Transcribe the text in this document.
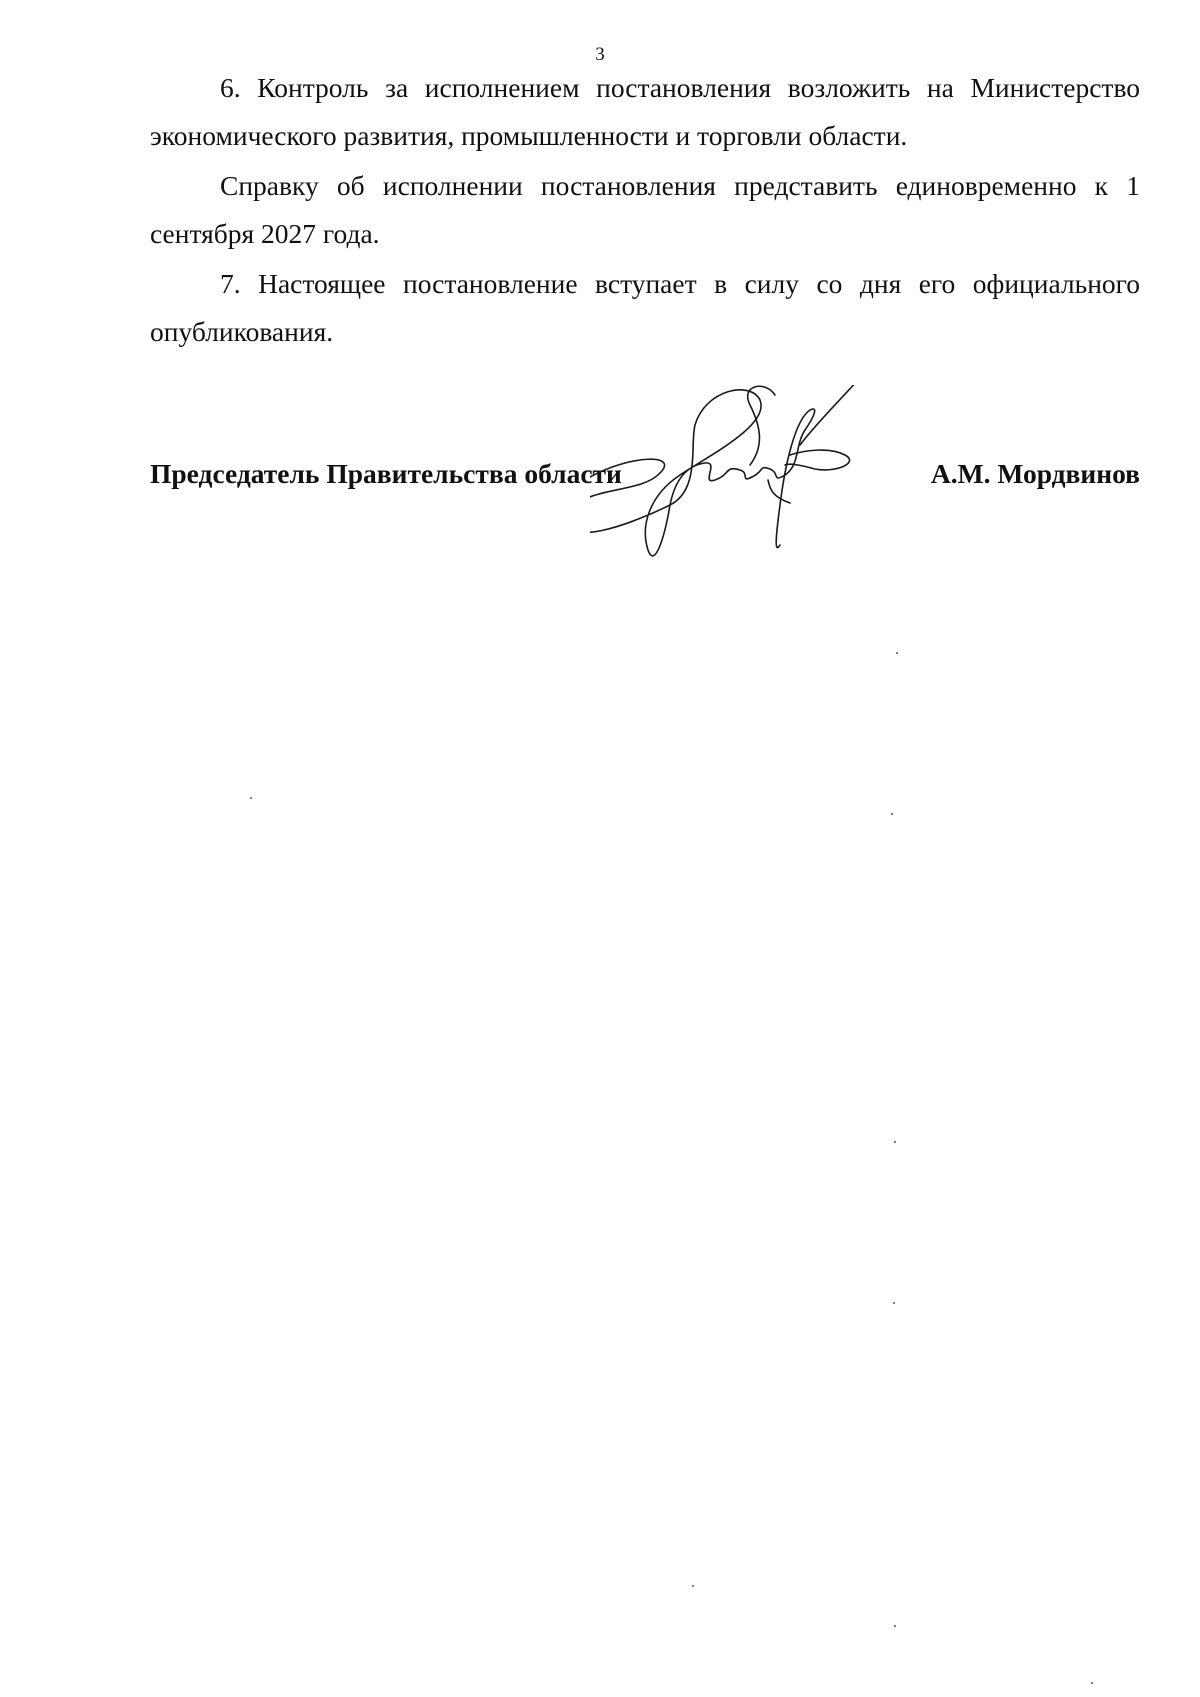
3

6. Контроль за исполнением постановления возложить на Министерство экономического развития, промышленности и торговли области.

Справку об исполнении постановления представить единовременно к 1 сентября 2027 года.

7. Настоящее постановление вступает в силу со дня его официального опубликования.

Председатель Правительства области	А.М. Мордвинов
